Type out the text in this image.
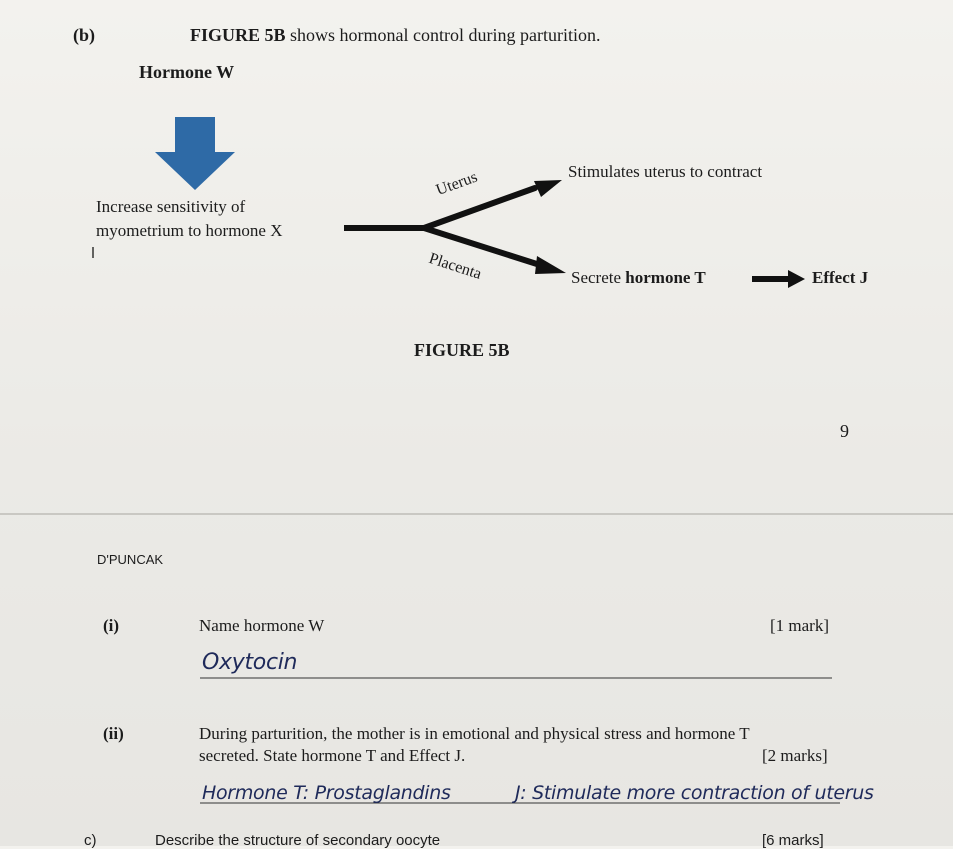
(b)	FIGURE 5B shows hormonal control during parturition.
Hormone W
Increase sensitivity of
myometrium to hormone X
Uterus
Placenta
Stimulates uterus to contract
Secrete hormone T	Effect J
FIGURE 5B
9
D'PUNCAK
(i)	Name hormone W	[1 mark]
Oxytocin
(ii)	During parturition, the mother is in emotional and physical stress and hormone T
secreted. State hormone T and Effect J.	[2 marks]
Hormone T: Prostaglandins	J: Stimulate more contraction of uterus
c)	Describe the structure of secondary oocyte	[6 marks]
